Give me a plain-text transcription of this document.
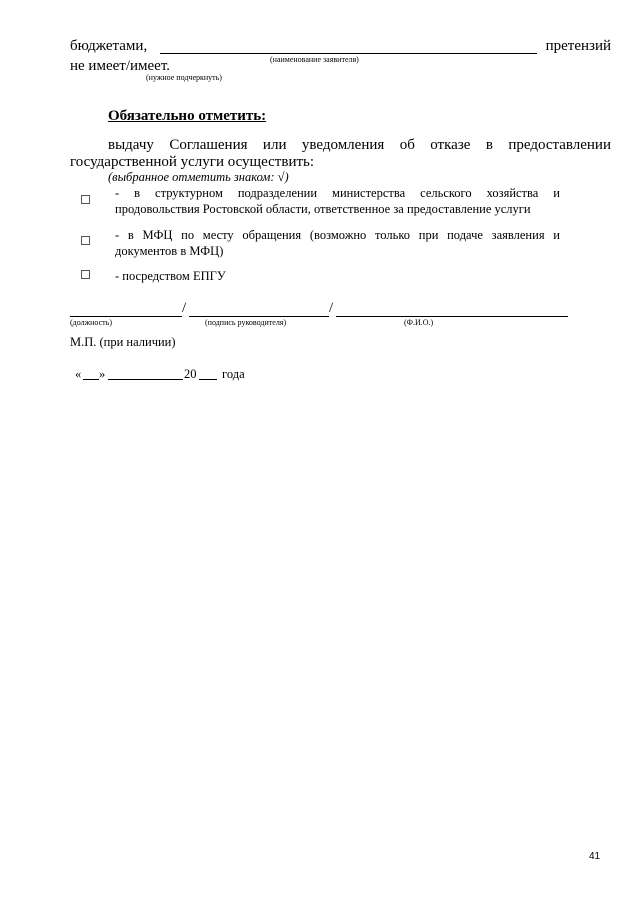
бюджетами,	претензий
(наименование заявителя)
не имеет/имеет.
(нужное подчеркнуть)
Обязательно отметить:
выдачу Соглашения или уведомления об отказе в предоставлении
государственной услуги осуществить:
(выбранное отметить знаком: √)
- в структурном подразделении министерства сельского хозяйства и
продовольствия Ростовской области, ответственное за предоставление услуги
- в МФЦ по месту обращения (возможно только при подаче заявления и
документов в МФЦ)
- посредством ЕПГУ
/	/
(должность)	(подпись руководителя)	(Ф.И.О.)
М.П. (при наличии)
« »	20 года
41
